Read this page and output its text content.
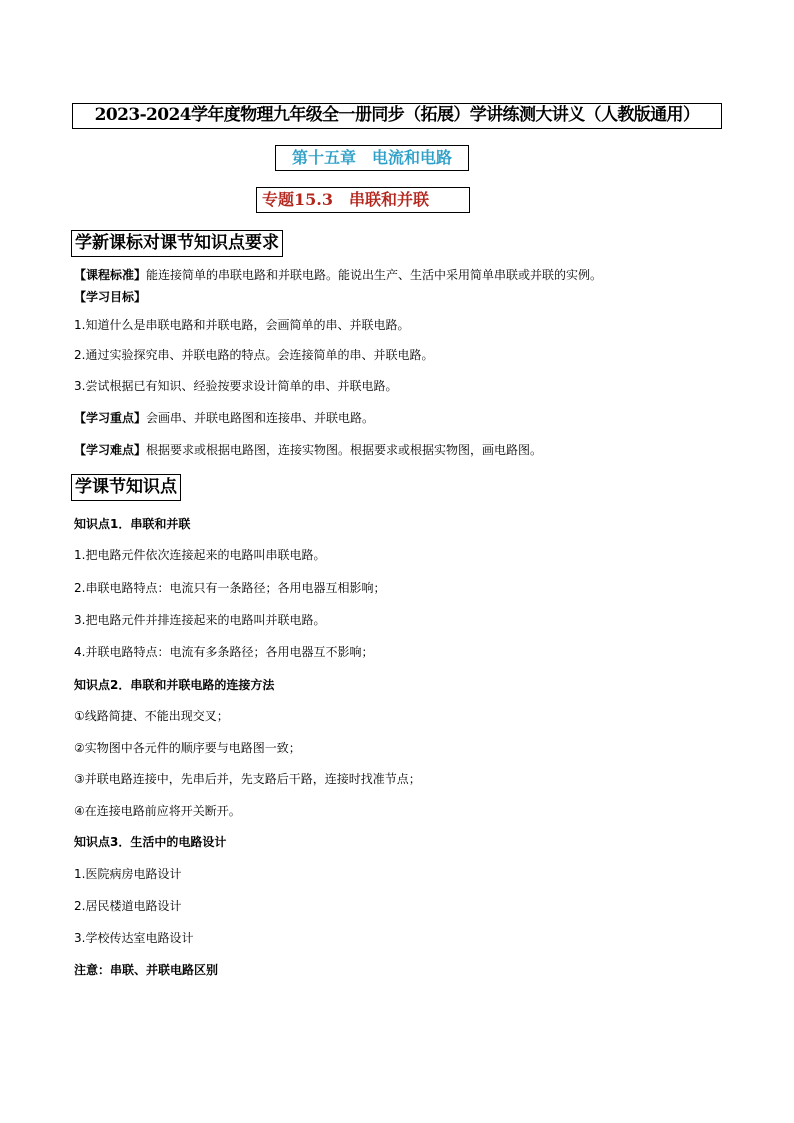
2023-2024学年度物理九年级全一册同步（拓展）学讲练测大讲义（人教版通用）
第十五章　电流和电路
专题15.3　串联和并联
学新课标对课节知识点要求
【课程标准】能连接简单的串联电路和并联电路。能说出生产、生活中采用简单串联或并联的实例。
【学习目标】
1.知道什么是串联电路和并联电路，会画简单的串、并联电路。
2.通过实验探究串、并联电路的特点。会连接简单的串、并联电路。
3.尝试根据已有知识、经验按要求设计简单的串、并联电路。
【学习重点】会画串、并联电路图和连接串、并联电路。
【学习难点】根据要求或根据电路图，连接实物图。根据要求或根据实物图，画电路图。
学课节知识点
知识点1．串联和并联
1.把电路元件依次连接起来的电路叫串联电路。
2.串联电路特点：电流只有一条路径；各用电器互相影响；
3.把电路元件并排连接起来的电路叫并联电路。
4.并联电路特点：电流有多条路径；各用电器互不影响；
知识点2．串联和并联电路的连接方法
①线路简捷、不能出现交叉；
②实物图中各元件的顺序要与电路图一致；
③并联电路连接中，先串后并，先支路后干路，连接时找准节点；
④在连接电路前应将开关断开。
知识点3．生活中的电路设计
1.医院病房电路设计
2.居民楼道电路设计
3.学校传达室电路设计
注意：串联、并联电路区别
